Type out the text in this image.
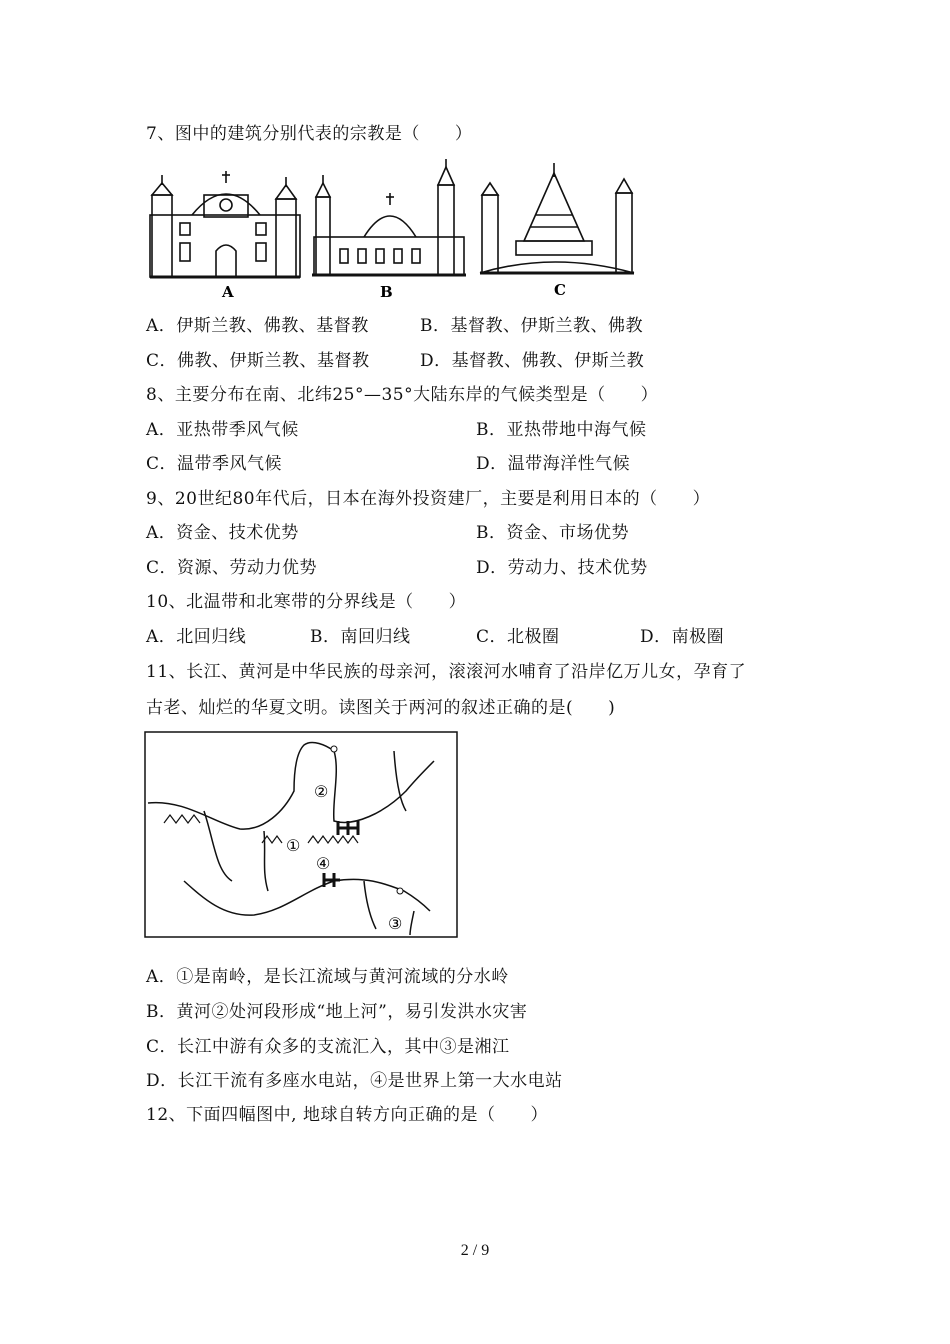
7、图中的建筑分别代表的宗教是（　　）
A	B	C
A．伊斯兰教、佛教、基督教	B．基督教、伊斯兰教、佛教
C．佛教、伊斯兰教、基督教	D．基督教、佛教、伊斯兰教
8、主要分布在南、北纬25°—35°大陆东岸的气候类型是（　　）
A．亚热带季风气候	B．亚热带地中海气候
C．温带季风气候	D．温带海洋性气候
9、20世纪80年代后，日本在海外投资建厂，主要是利用日本的（　　）
A．资金、技术优势	B．资金、市场优势
C．资源、劳动力优势	D．劳动力、技术优势
10、北温带和北寒带的分界线是（　　）
A．北回归线	B．南回归线	C．北极圈	D．南极圈
11、长江、黄河是中华民族的母亲河，滚滚河水哺育了沿岸亿万儿女，孕育了
古老、灿烂的华夏文明。读图关于两河的叙述正确的是(　　)
②
①
④
③
A．①是南岭，是长江流域与黄河流域的分水岭
B．黄河②处河段形成“地上河”，易引发洪水灾害
C．长江中游有众多的支流汇入，其中③是湘江
D．长江干流有多座水电站，④是世界上第一大水电站
12、下面四幅图中, 地球自转方向正确的是（　　）
2 / 9
